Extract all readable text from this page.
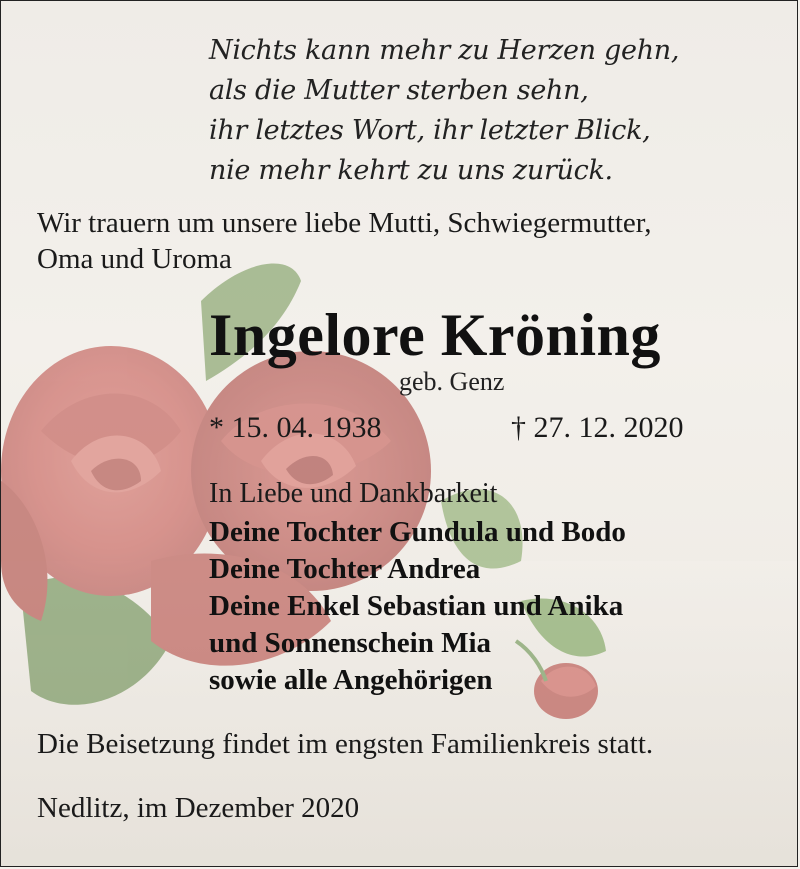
Nichts kann mehr zu Herzen gehn,
als die Mutter sterben sehn,
ihr letztes Wort, ihr letzter Blick,
nie mehr kehrt zu uns zurück.
Wir trauern um unsere liebe Mutti, Schwiegermutter,
Oma und Uroma
Ingelore Kröning
geb. Genz
* 15. 04. 1938	† 27. 12. 2020
In Liebe und Dankbarkeit
Deine Tochter Gundula und Bodo
Deine Tochter Andrea
Deine Enkel Sebastian und Anika
und Sonnenschein Mia
sowie alle Angehörigen
Die Beisetzung findet im engsten Familienkreis statt.
Nedlitz, im Dezember 2020
